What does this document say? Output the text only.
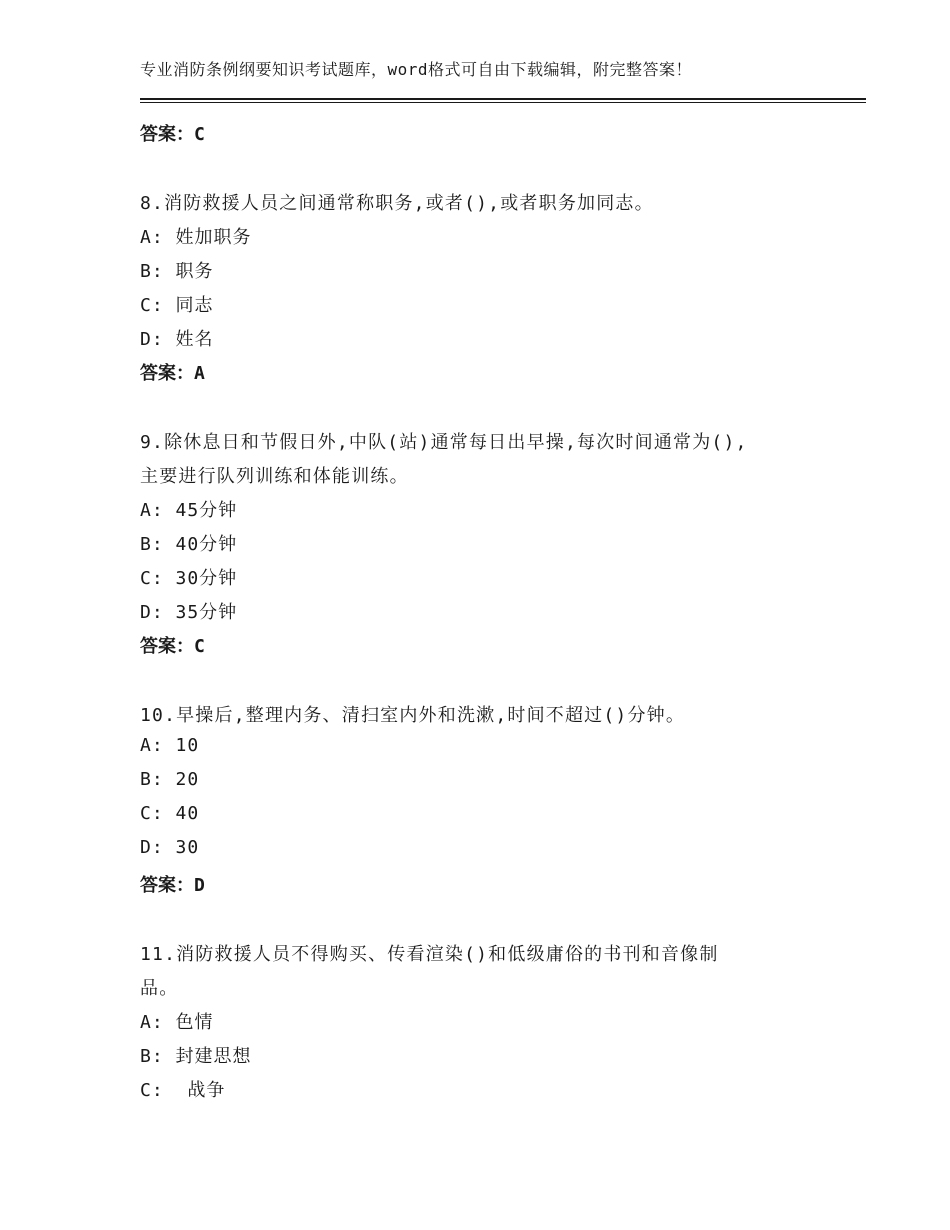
专业消防条例纲要知识考试题库，word格式可自由下载编辑，附完整答案！
答案：C
8.消防救援人员之间通常称职务,或者(),或者职务加同志。
A: 姓加职务
B: 职务
C: 同志
D: 姓名
答案：A
9.除休息日和节假日外,中队(站)通常每日出早操,每次时间通常为(),
主要进行队列训练和体能训练。
A: 45分钟
B: 40分钟
C: 30分钟
D: 35分钟
答案：C
10.早操后,整理内务、清扫室内外和洗漱,时间不超过()分钟。
A: 10
B: 20
C: 40
D: 30
答案：D
11.消防救援人员不得购买、传看渲染()和低级庸俗的书刊和音像制
品。
A: 色情
B: 封建思想
C:  战争
